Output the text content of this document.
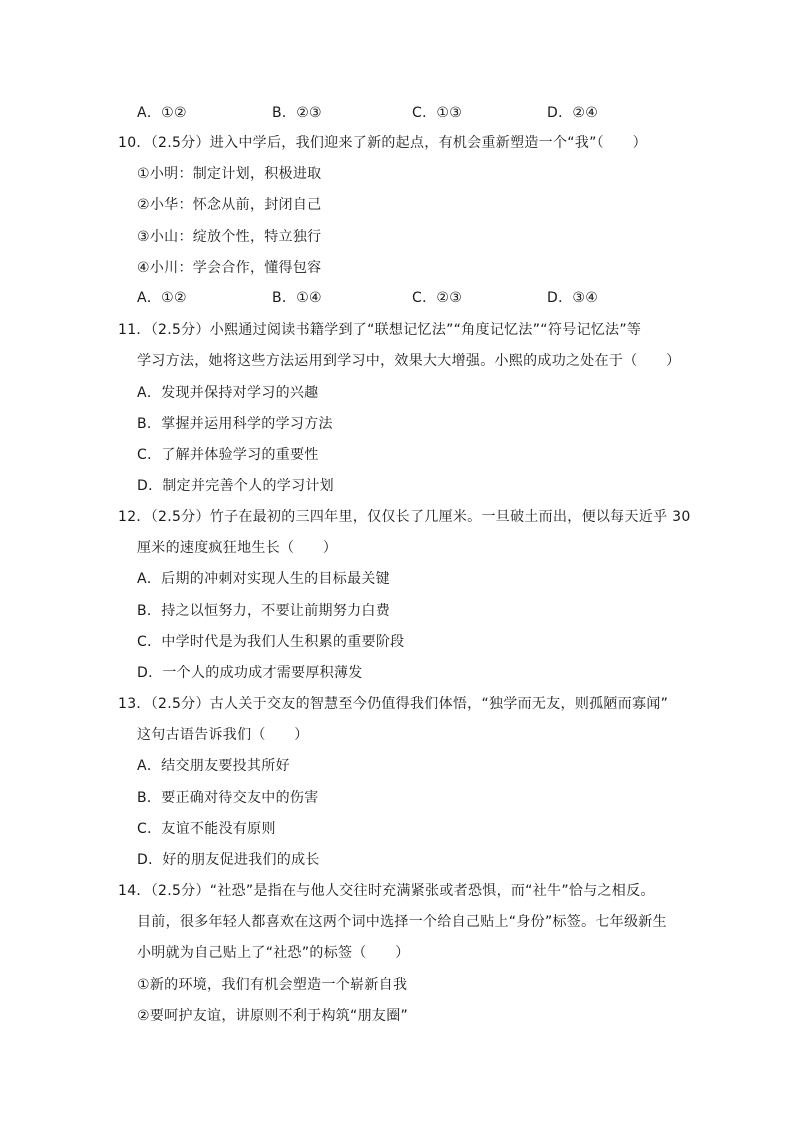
A．①②	B．②③	C．①③	D．②④
10．（2.5分）进入中学后，我们迎来了新的起点，有机会重新塑造一个“我”（　　）
①小明：制定计划，积极进取
②小华：怀念从前，封闭自己
③小山：绽放个性，特立独行
④小川：学会合作，懂得包容
A．①②	B．①④	C．②③	D．③④
11．（2.5分）小熙通过阅读书籍学到了“联想记忆法”“角度记忆法”“符号记忆法”等
学习方法，她将这些方法运用到学习中，效果大大增强。小熙的成功之处在于（　　）
A．发现并保持对学习的兴趣
B．掌握并运用科学的学习方法
C．了解并体验学习的重要性
D．制定并完善个人的学习计划
12．（2.5分）竹子在最初的三四年里，仅仅长了几厘米。一旦破土而出，便以每天近乎 30
厘米的速度疯狂地生长（　　）
A．后期的冲刺对实现人生的目标最关键
B．持之以恒努力，不要让前期努力白费
C．中学时代是为我们人生积累的重要阶段
D．一个人的成功成才需要厚积薄发
13．（2.5分）古人关于交友的智慧至今仍值得我们体悟，“独学而无友，则孤陋而寡闻”
这句古语告诉我们（　　）
A．结交朋友要投其所好
B．要正确对待交友中的伤害
C．友谊不能没有原则
D．好的朋友促进我们的成长
14．（2.5分）“社恐”是指在与他人交往时充满紧张或者恐惧，而“社牛”恰与之相反。
目前，很多年轻人都喜欢在这两个词中选择一个给自己贴上“身份”标签。七年级新生
小明就为自己贴上了“社恐”的标签（　　）
①新的环境，我们有机会塑造一个崭新自我
②要呵护友谊，讲原则不利于构筑“朋友圈”
